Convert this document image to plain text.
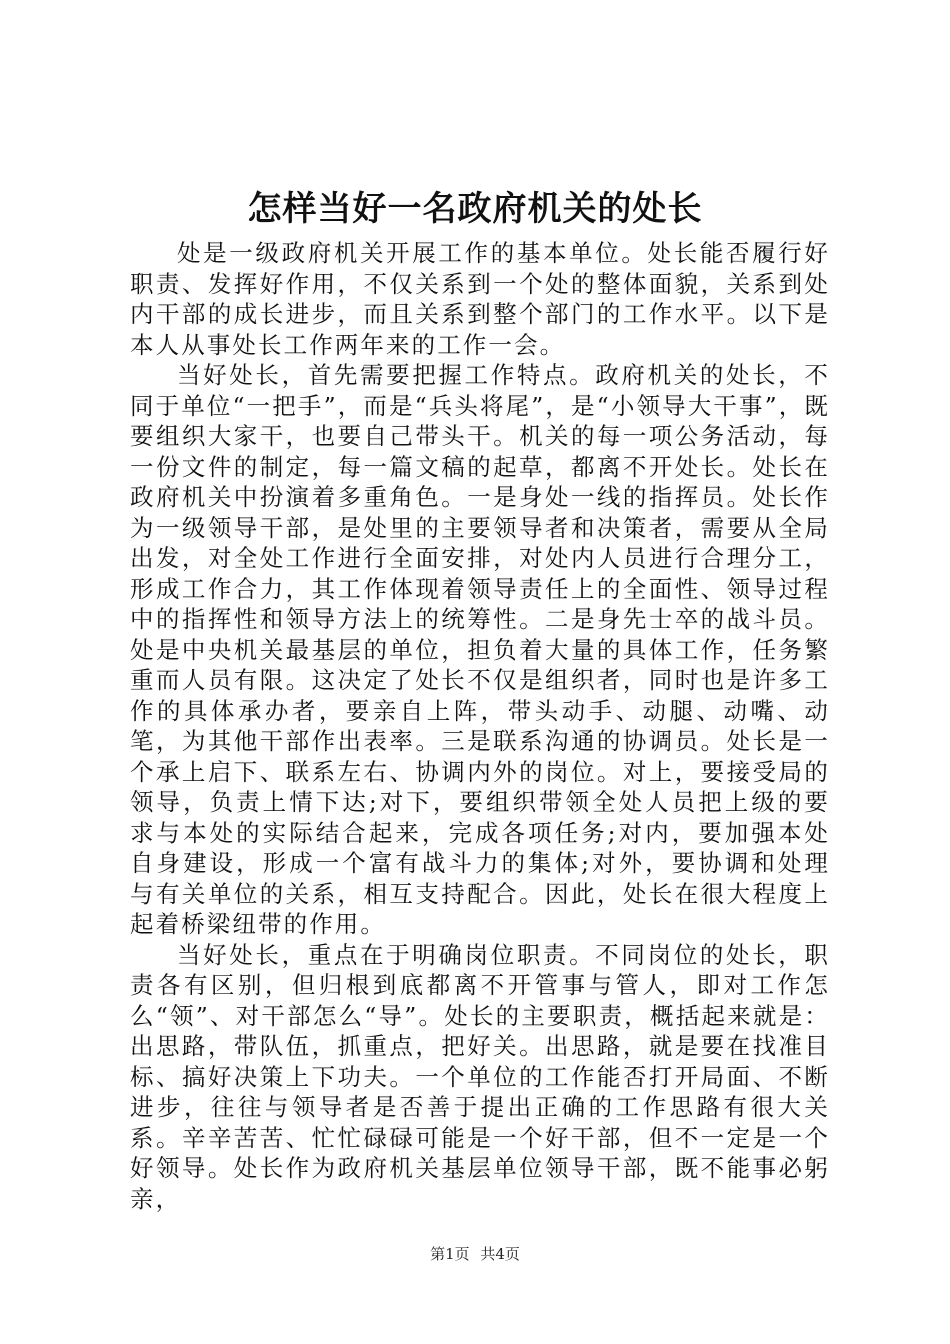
怎样当好一名政府机关的处长

处是一级政府机关开展工作的基本单位。处长能否履行好职责、发挥好作用，不仅关系到一个处的整体面貌，关系到处内干部的成长进步，而且关系到整个部门的工作水平。以下是本人从事处长工作两年来的工作一会。

当好处长，首先需要把握工作特点。政府机关的处长，不同于单位“一把手”，而是“兵头将尾”，是“小领导大干事”，既要组织大家干，也要自己带头干。机关的每一项公务活动，每一份文件的制定，每一篇文稿的起草，都离不开处长。处长在政府机关中扮演着多重角色。一是身处一线的指挥员。处长作为一级领导干部，是处里的主要领导者和决策者，需要从全局出发，对全处工作进行全面安排，对处内人员进行合理分工，形成工作合力，其工作体现着领导责任上的全面性、领导过程中的指挥性和领导方法上的统筹性。二是身先士卒的战斗员。处是中央机关最基层的单位，担负着大量的具体工作，任务繁重而人员有限。这决定了处长不仅是组织者，同时也是许多工作的具体承办者，要亲自上阵，带头动手、动腿、动嘴、动笔，为其他干部作出表率。三是联系沟通的协调员。处长是一个承上启下、联系左右、协调内外的岗位。对上，要接受局的领导，负责上情下达;对下，要组织带领全处人员把上级的要求与本处的实际结合起来，完成各项任务;对内，要加强本处自身建设，形成一个富有战斗力的集体;对外，要协调和处理与有关单位的关系，相互支持配合。因此，处长在很大程度上起着桥梁纽带的作用。

当好处长，重点在于明确岗位职责。不同岗位的处长，职责各有区别，但归根到底都离不开管事与管人，即对工作怎么“领”、对干部怎么“导”。处长的主要职责，概括起来就是：出思路，带队伍，抓重点，把好关。出思路，就是要在找准目标、搞好决策上下功夫。一个单位的工作能否打开局面、不断进步，往往与领导者是否善于提出正确的工作思路有很大关系。辛辛苦苦、忙忙碌碌可能是一个好干部，但不一定是一个好领导。处长作为政府机关基层单位领导干部，既不能事必躬亲，

第1页 共4页
